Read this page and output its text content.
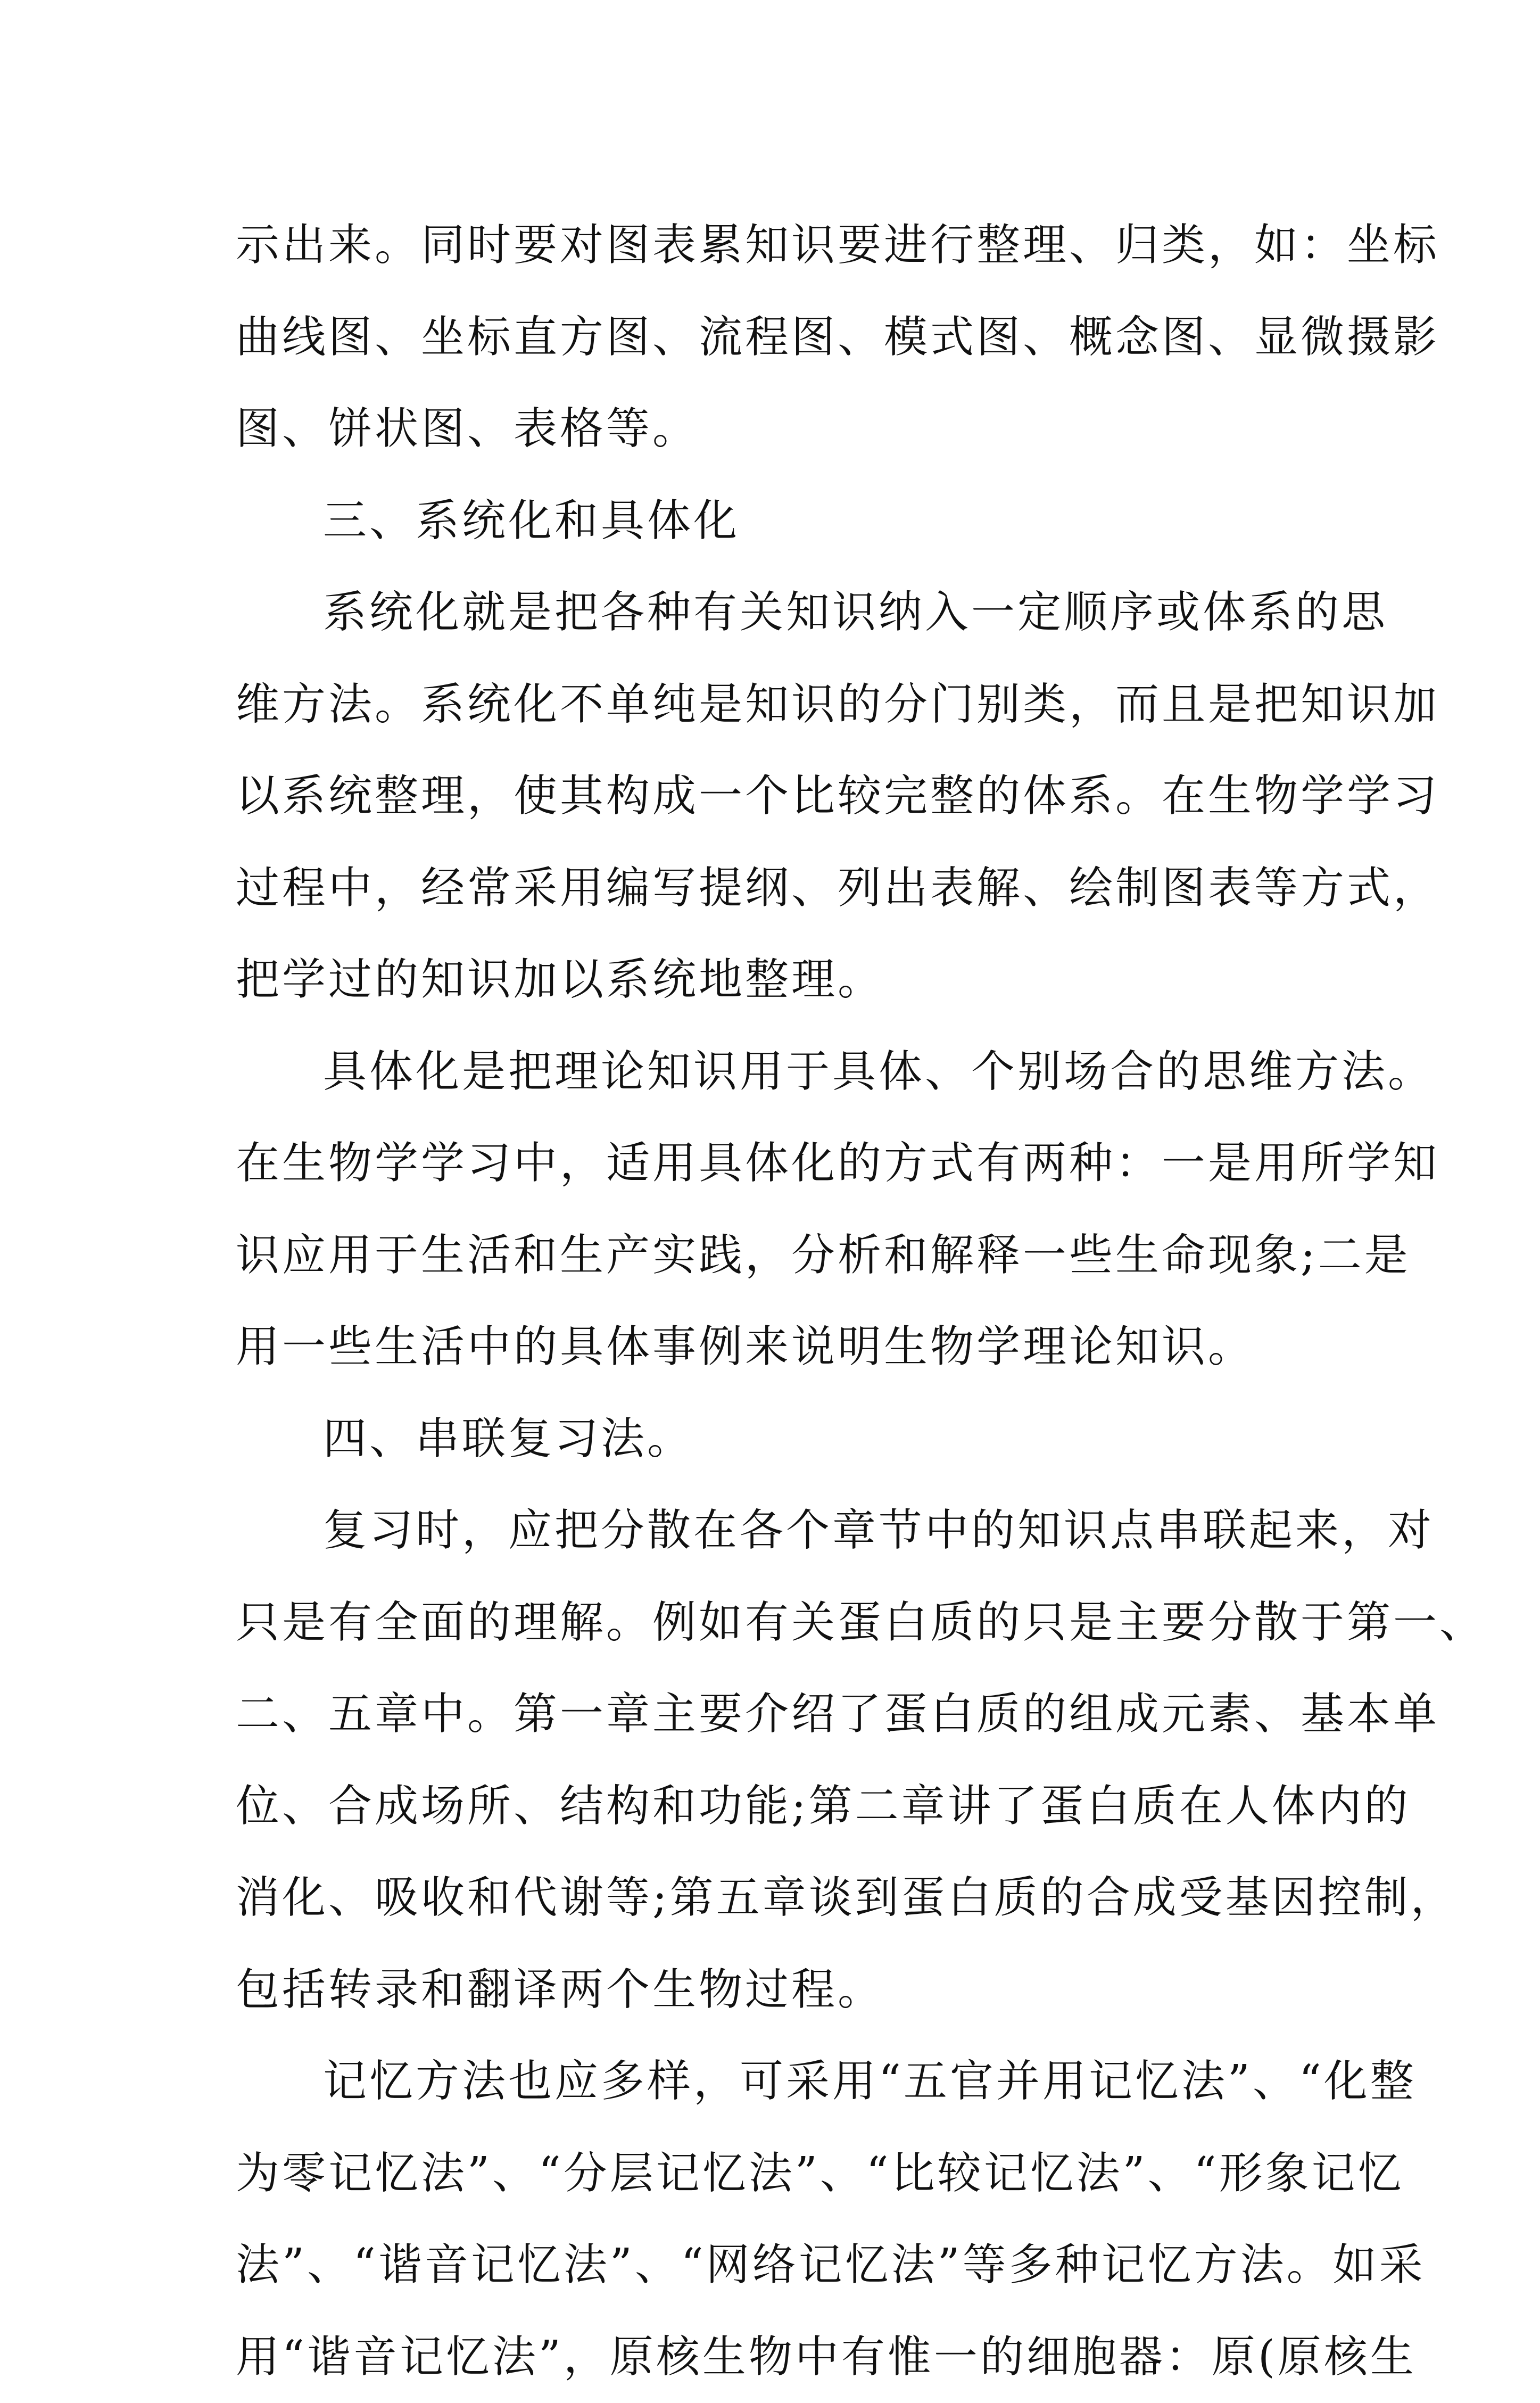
示出来。同时要对图表累知识要进行整理、归类，如：坐标
曲线图、坐标直方图、流程图、模式图、概念图、显微摄影
图、饼状图、表格等。
三、系统化和具体化
系统化就是把各种有关知识纳入一定顺序或体系的思
维方法。系统化不单纯是知识的分门别类，而且是把知识加
以系统整理，使其构成一个比较完整的体系。在生物学学习
过程中，经常采用编写提纲、列出表解、绘制图表等方式，
把学过的知识加以系统地整理。
具体化是把理论知识用于具体、个别场合的思维方法。
在生物学学习中，适用具体化的方式有两种：一是用所学知
识应用于生活和生产实践，分析和解释一些生命现象;二是
用一些生活中的具体事例来说明生物学理论知识。
四、串联复习法。
复习时，应把分散在各个章节中的知识点串联起来，对
只是有全面的理解。例如有关蛋白质的只是主要分散于第一、
二、五章中。第一章主要介绍了蛋白质的组成元素、基本单
位、合成场所、结构和功能;第二章讲了蛋白质在人体内的
消化、吸收和代谢等;第五章谈到蛋白质的合成受基因控制，
包括转录和翻译两个生物过程。
记忆方法也应多样，可采用“五官并用记忆法”、“化整
为零记忆法”、“分层记忆法”、“比较记忆法”、“形象记忆
法”、“谐音记忆法”、“网络记忆法”等多种记忆方法。如采
用“谐音记忆法”，原核生物中有惟一的细胞器：原(原核生
